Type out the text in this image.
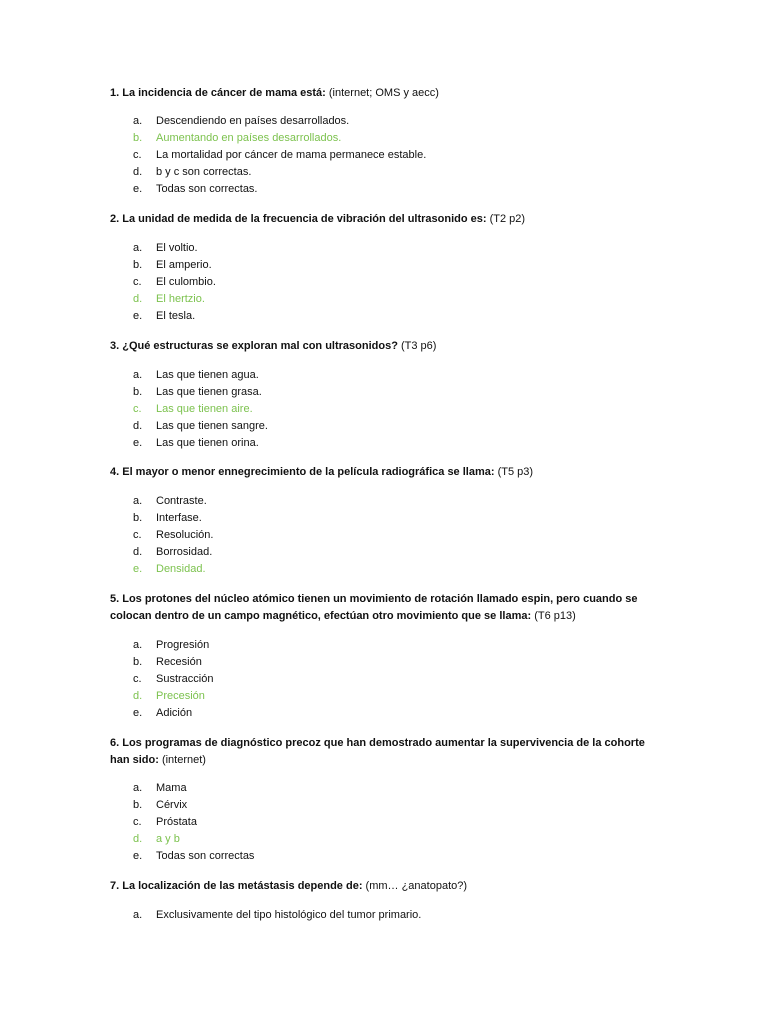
1. La incidencia de cáncer de mama está: (internet; OMS y aecc)
a. Descendiendo en países desarrollados.
b. Aumentando en países desarrollados.
c. La mortalidad por cáncer de mama permanece estable.
d. b y c son correctas.
e. Todas son correctas.
2. La unidad de medida de la frecuencia de vibración del ultrasonido es: (T2 p2)
a. El voltio.
b. El amperio.
c. El culombio.
d. El hertzio.
e. El tesla.
3. ¿Qué estructuras se exploran mal con ultrasonidos? (T3 p6)
a. Las que tienen agua.
b. Las que tienen grasa.
c. Las que tienen aire.
d. Las que tienen sangre.
e. Las que tienen orina.
4. El mayor o menor ennegrecimiento de la película radiográfica se llama: (T5 p3)
a. Contraste.
b. Interfase.
c. Resolución.
d. Borrosidad.
e. Densidad.
5. Los protones del núcleo atómico tienen un movimiento de rotación llamado espin, pero cuando se colocan dentro de un campo magnético, efectúan otro movimiento que se llama: (T6 p13)
a. Progresión
b. Recesión
c. Sustracción
d. Precesión
e. Adición
6. Los programas de diagnóstico precoz que han demostrado aumentar la supervivencia de la cohorte han sido: (internet)
a. Mama
b. Cérvix
c. Próstata
d. a y b
e. Todas son correctas
7. La localización de las metástasis depende de: (mm… ¿anatopato?)
a. Exclusivamente del tipo histológico del tumor primario.
